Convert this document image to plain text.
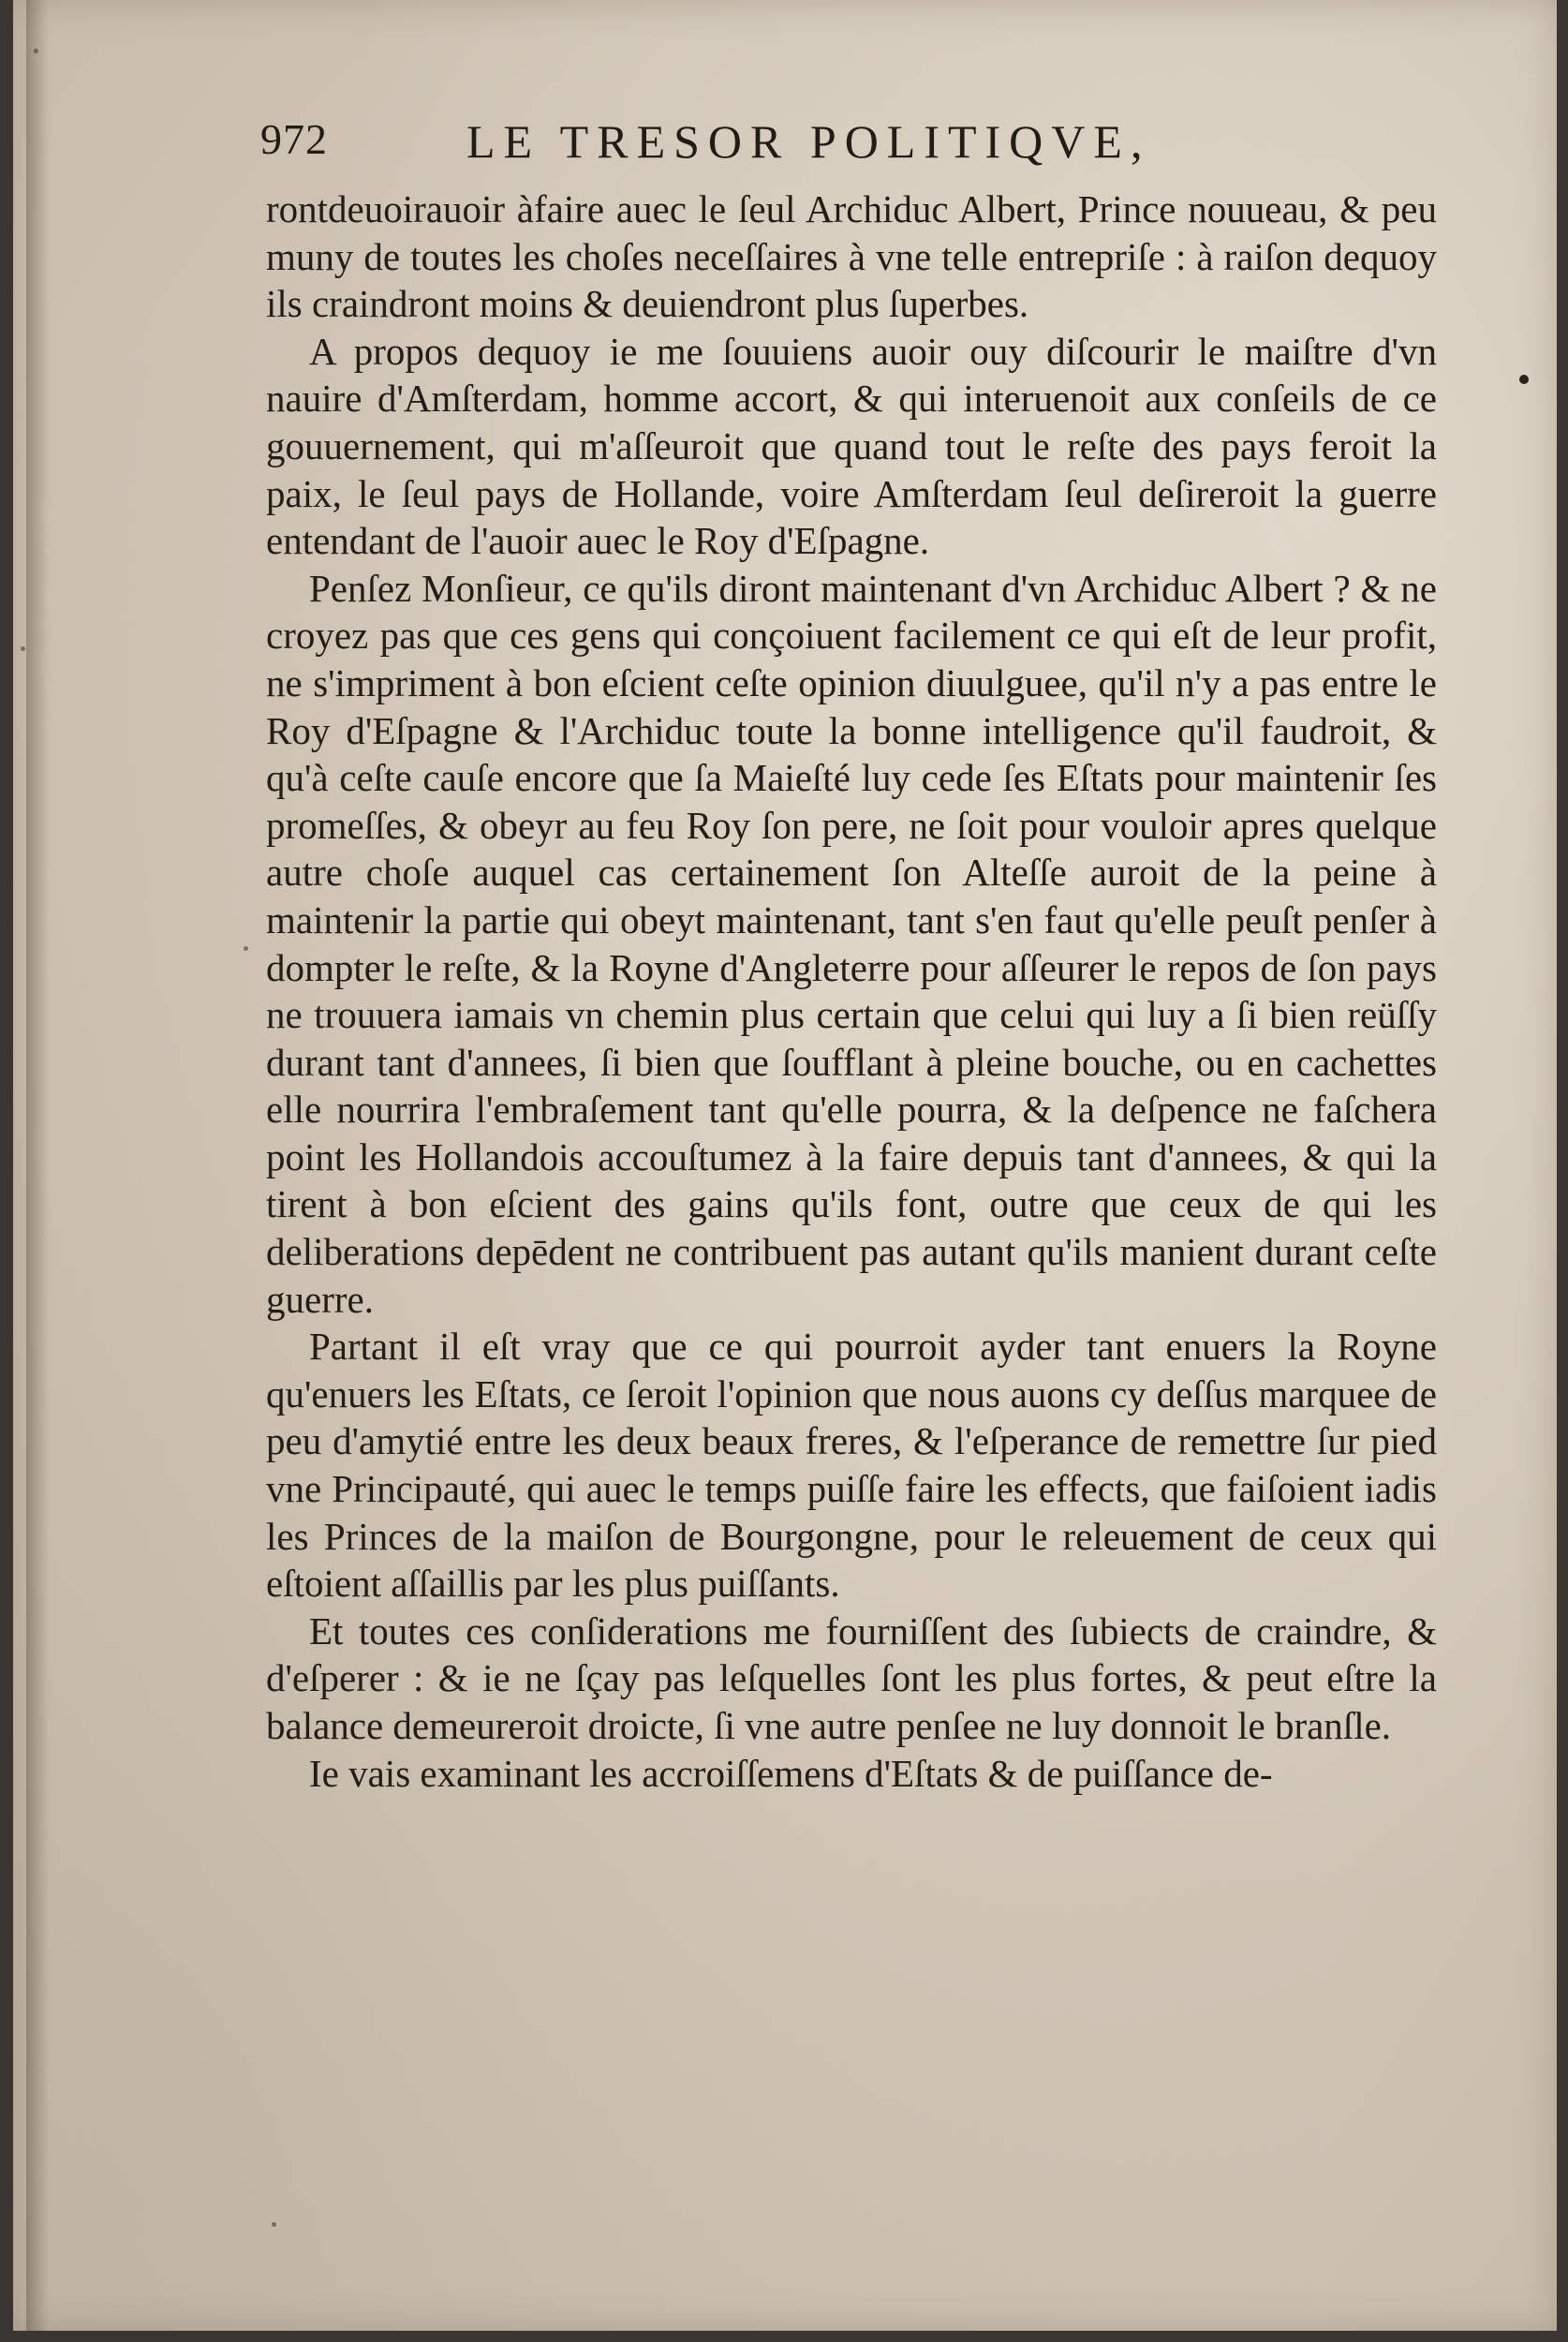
972	LE TRESOR POLITIQVE,

rontdeuoirauoir àfaire auec le ſeul Archiduc Albert, Prince nouueau, & peu muny de toutes les choſes neceſſaires à vne telle entrepriſe : à raiſon dequoy ils craindront moins & deuiendront plus ſuperbes.

A propos dequoy ie me ſouuiens auoir ouy diſcourir le maiſtre d'vn nauire d'Amſterdam, homme accort, & qui interuenoit aux conſeils de ce gouuernement, qui m'aſſeuroit que quand tout le reſte des pays feroit la paix, le ſeul pays de Hollande, voire Amſterdam ſeul deſireroit la guerre entendant de l'auoir auec le Roy d'Eſpagne.

Penſez Monſieur, ce qu'ils diront maintenant d'vn Archiduc Albert ? & ne croyez pas que ces gens qui conçoiuent facilement ce qui eſt de leur profit, ne s'impriment à bon eſcient ceſte opinion diuulguee, qu'il n'y a pas entre le Roy d'Eſpagne & l'Archiduc toute la bonne intelligence qu'il faudroit, & qu'à ceſte cauſe encore que ſa Maieſté luy cede ſes Eſtats pour maintenir ſes promeſſes, & obeyr au feu Roy ſon pere, ne ſoit pour vouloir apres quelque autre choſe auquel cas certainement ſon Alteſſe auroit de la peine à maintenir la partie qui obeyt maintenant, tant s'en faut qu'elle peuſt penſer à dompter le reſte, & la Royne d'Angleterre pour aſſeurer le repos de ſon pays ne trouuera iamais vn chemin plus certain que celui qui luy a ſi bien reüſſy durant tant d'annees, ſi bien que ſoufflant à pleine bouche, ou en cachettes elle nourrira l'embraſement tant qu'elle pourra, & la deſpence ne faſchera point les Hollandois accouſtumez à la faire depuis tant d'annees, & qui la tirent à bon eſcient des gains qu'ils font, outre que ceux de qui les deliberations depēdent ne contribuent pas autant qu'ils manient durant ceſte guerre.

Partant il eſt vray que ce qui pourroit ayder tant enuers la Royne qu'enuers les Eſtats, ce ſeroit l'opinion que nous auons cy deſſus marquee de peu d'amytié entre les deux beaux freres, & l'eſperance de remettre ſur pied vne Principauté, qui auec le temps puiſſe faire les effects, que faiſoient iadis les Princes de la maiſon de Bourgongne, pour le releuement de ceux qui eſtoient aſſaillis par les plus puiſſants.

Et toutes ces conſiderations me fourniſſent des ſubiects de craindre, & d'eſperer : & ie ne ſçay pas leſquelles ſont les plus fortes, & peut eſtre la balance demeureroit droicte, ſi vne autre penſee ne luy donnoit le branſle.

Ie vais examinant les accroiſſemens d'Eſtats & de puiſſance de-
